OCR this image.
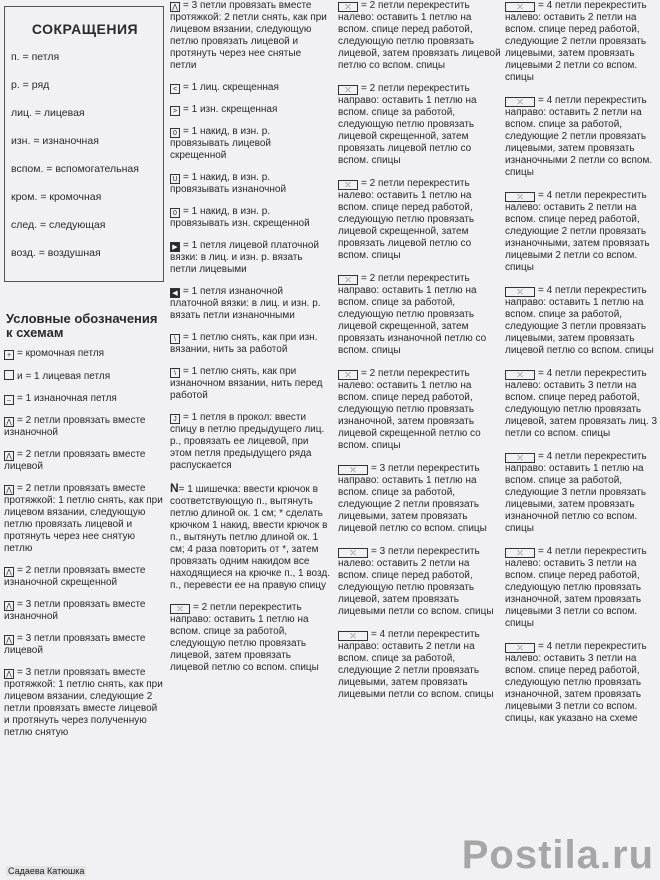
СОКРАЩЕНИЯ
п. = петля
р. = ряд
лиц. = лицевая
изн. = изнаночная
вспом. = вспомогательная
кром. = кромочная
след. = следующая
возд. = воздушная
Условные обозначения к схемам
+ = кромочная петля
и = 1 лицевая петля
– = 1 изнаночная петля
⋀ = 2 петли провязать вместе изнаночной
⋀ = 2 петли провязать вместе лицевой
⋀ = 2 петли провязать вместе протяжкой: 1 петлю снять, как при лицевом вязании, следующую петлю провязать лицевой и протянуть через нее снятую петлю
⋀ = 2 петли провязать вместе изнаночной скрещенной
⋀ = 3 петли провязать вместе изнаночной
⋀ = 3 петли провязать вместе лицевой
⋀ = 3 петли провязать вместе протяжкой: 1 петлю снять, как при лицевом вязании, следующие 2 петли провязать вместе лицевой и протянуть через полученную петлю снятую
⋀ = 3 петли провязать вместе протяжкой: 2 петли снять, как при лицевом вязании, следующую петлю провязать лицевой и протянуть через нее снятые петли
< = 1 лиц. скрещенная
> = 1 изн. скрещенная
0 = 1 накид, в изн. р. провязывать лицевой скрещенной
U = 1 накид, в изн. р. провязывать изнаночной
0 = 1 накид, в изн. р. провязывать изн. скрещенной
▶ = 1 петля лицевой платочной вязки: в лиц. и изн. р. вязать петли лицевыми
◀ = 1 петля изнаночной платочной вязки: в лиц. и изн. р. вязать петли изнаночными
\ = 1 петлю снять, как при изн. вязании, нить за работой
\ = 1 петлю снять, как при изнаночном вязании, нить перед работой
J = 1 петля в прокол: ввести спицу в петлю предыдущего лиц. р., провязать ее лицевой, при этом петля предыдущего ряда распускается
N= 1 шишечка: ввести крючок в соответствующую п., вытянуть петлю длиной ок. 1 см; * сделать крючком 1 накид, ввести крючок в п., вытянуть петлю длиной ок. 1 см; 4 раза повторить от *, затем провязать одним накидом все находящиеся на крючке п., 1 возд. п., перевести ее на правую спицу
⤫ = 2 петли перекрестить направо: оставить 1 петлю на вспом. спице за работой, следующую петлю провязать лицевой, затем провязать лицевой петлю со вспом. спицы
⤫ = 2 петли перекрестить налево: оставить 1 петлю на вспом. спице перед работой, следующую петлю провязать лицевой, затем провязать лицевой петлю со вспом. спицы
⤫ = 2 петли перекрестить направо: оставить 1 петлю на вспом. спице за работой, следующую петлю провязать лицевой скрещенной, затем провязать лицевой петлю со вспом. спицы
⤫ = 2 петли перекрестить налево: оставить 1 петлю на вспом. спице перед работой, следующую петлю провязать лицевой скрещенной, затем провязать лицевой петлю со вспом. спицы
⤫ = 2 петли перекрестить направо: оставить 1 петлю на вспом. спице за работой, следующую петлю провязать лицевой скрещенной, затем провязать изнаночной петлю со вспом. спицы
⤫ = 2 петли перекрестить налево: оставить 1 петлю на вспом. спице перед работой, следующую петлю провязать изнаночной, затем провязать лицевой скрещенной петлю со вспом. спицы
⤫ = 3 петли перекрестить направо: оставить 1 петлю на вспом. спице за работой, следующие 2 петли провязать лицевыми, затем провязать лицевой петлю со вспом. спицы
⤫ = 3 петли перекрестить налево: оставить 2 петли на вспом. спице перед работой, следующую петлю провязать лицевой, затем провязать лицевыми петли со вспом. спицы
⤫ = 4 петли перекрестить направо: оставить 2 петли на вспом. спице за работой, следующие 2 петли провязать лицевыми, затем провязать лицевыми петли со вспом. спицы
⤫ = 4 петли перекрестить налево: оставить 2 петли на вспом. спице перед работой, следующие 2 петли провязать лицевыми, затем провязать лицевыми 2 петли со вспом. спицы
⤫ = 4 петли перекрестить направо: оставить 2 петли на вспом. спице за работой, следующие 2 петли провязать лицевыми, затем провязать изнаночными 2 петли со вспом. спицы
⤫ = 4 петли перекрестить налево: оставить 2 петли на вспом. спице перед работой, следующие 2 петли провязать изнаночными, затем провязать лицевыми 2 петли со вспом. спицы
⤫ = 4 петли перекрестить направо: оставить 1 петлю на вспом. спице за работой, следующие 3 петли провязать лицевыми, затем провязать лицевой петлю со вспом. спицы
⤫ = 4 петли перекрестить налево: оставить 3 петли на вспом. спице перед работой, следующую петлю провязать лицевой, затем провязать лиц. 3 петли со вспом. спицы
⤫ = 4 петли перекрестить направо: оставить 1 петлю на вспом. спице за работой, следующие 3 петли провязать лицевыми, затем провязать изнаночной петлю со вспом. спицы
⤫ = 4 петли перекрестить налево: оставить 3 петли на вспом. спице перед работой, следующую петлю провязать изнаночной, затем провязать лицевыми 3 петли со вспом. спицы
⤫ = 4 петли перекрестить налево: оставить 3 петли на вспом. спице перед работой, следующую петлю провязать изнаночной, затем провязать лицевыми 3 петли со вспом. спицы, как указано на схеме
Садаева Катюшка	Postila.ru
